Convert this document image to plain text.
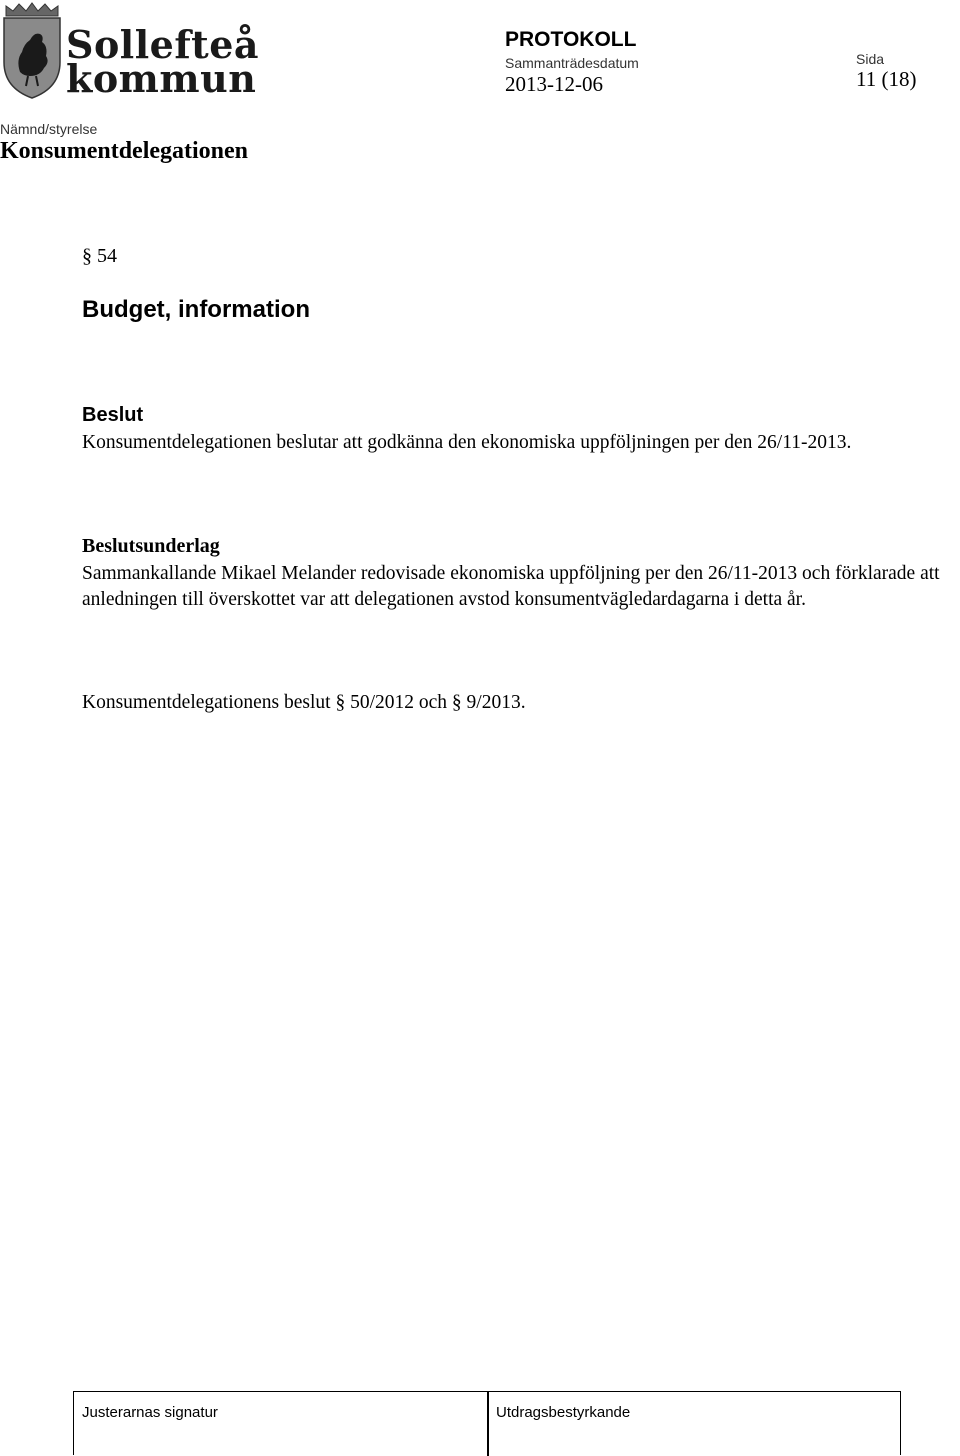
Sollefteå
kommun
PROTOKOLL
Sammanträdesdatum
2013-12-06
Sida
11 (18)
Nämnd/styrelse
Konsumentdelegationen
§ 54
Budget, information
Beslut
Konsumentdelegationen beslutar att godkänna den ekonomiska uppföljningen per den 26/11-2013.
Beslutsunderlag
Sammankallande Mikael Melander redovisade ekonomiska uppföljning per den 26/11-2013 och förklarade att anledningen till överskottet var att delegationen avstod konsumentvägledardagarna i detta år.
Konsumentdelegationens beslut § 50/2012 och § 9/2013.
Justerarnas signatur	Utdragsbestyrkande
